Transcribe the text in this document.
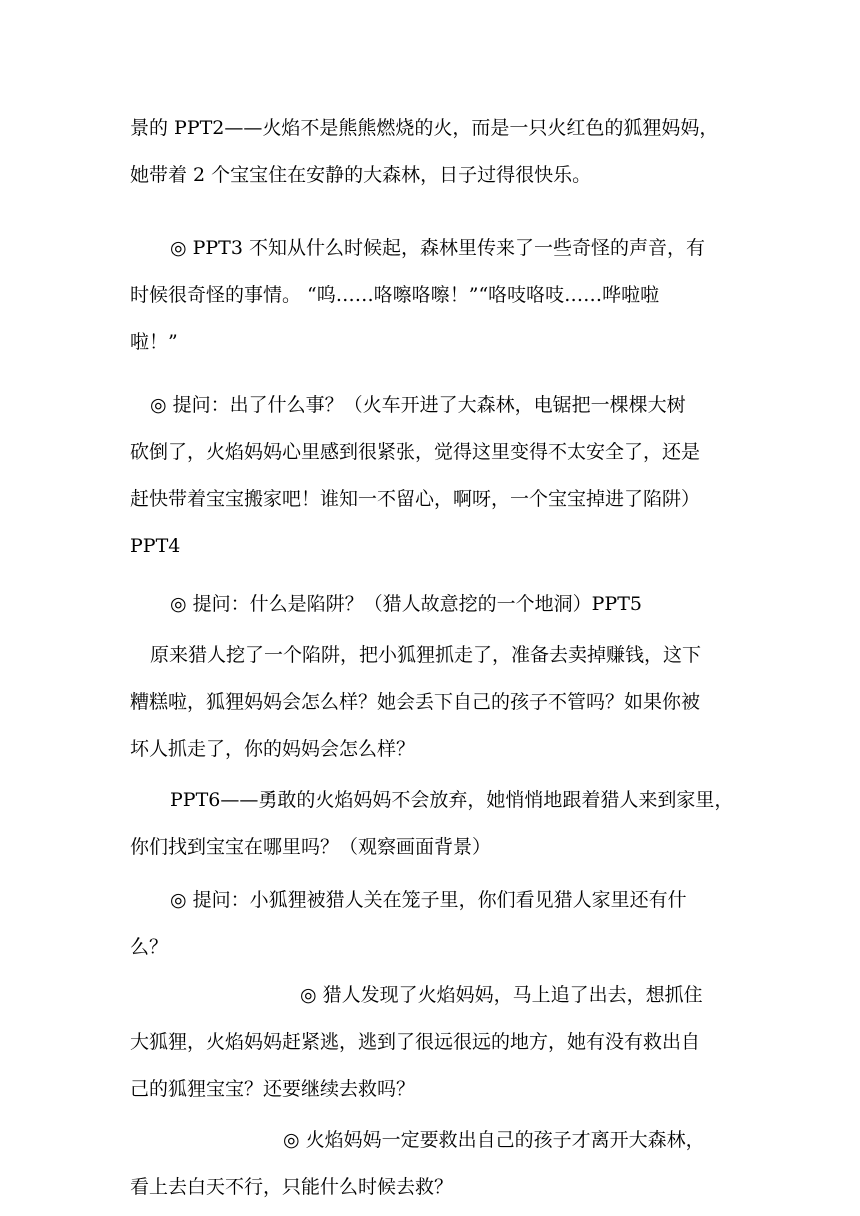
景的 PPT2——火焰不是熊熊燃烧的火，而是一只火红色的狐狸妈妈，

她带着 2 个宝宝住在安静的大森林，日子过得很快乐。

◎ PPT3 不知从什么时候起，森林里传来了一些奇怪的声音，有

时候很奇怪的事情。 “呜……咯嚓咯嚓！”“咯吱咯吱……哗啦啦

啦！”

◎ 提问：出了什么事？（火车开进了大森林，电锯把一棵棵大树

砍倒了，火焰妈妈心里感到很紧张，觉得这里变得不太安全了，还是

赶快带着宝宝搬家吧！谁知一不留心，啊呀，一个宝宝掉进了陷阱）

PPT4

◎ 提问：什么是陷阱？（猎人故意挖的一个地洞）PPT5

原来猎人挖了一个陷阱，把小狐狸抓走了，准备去卖掉赚钱，这下

糟糕啦，狐狸妈妈会怎么样？她会丢下自己的孩子不管吗？如果你被

坏人抓走了，你的妈妈会怎么样？

PPT6——勇敢的火焰妈妈不会放弃，她悄悄地跟着猎人来到家里，

你们找到宝宝在哪里吗？（观察画面背景）

◎ 提问：小狐狸被猎人关在笼子里，你们看见猎人家里还有什

么？

◎ 猎人发现了火焰妈妈，马上追了出去，想抓住

大狐狸，火焰妈妈赶紧逃，逃到了很远很远的地方，她有没有救出自

己的狐狸宝宝？还要继续去救吗？

◎ 火焰妈妈一定要救出自己的孩子才离开大森林，

看上去白天不行，只能什么时候去救？
